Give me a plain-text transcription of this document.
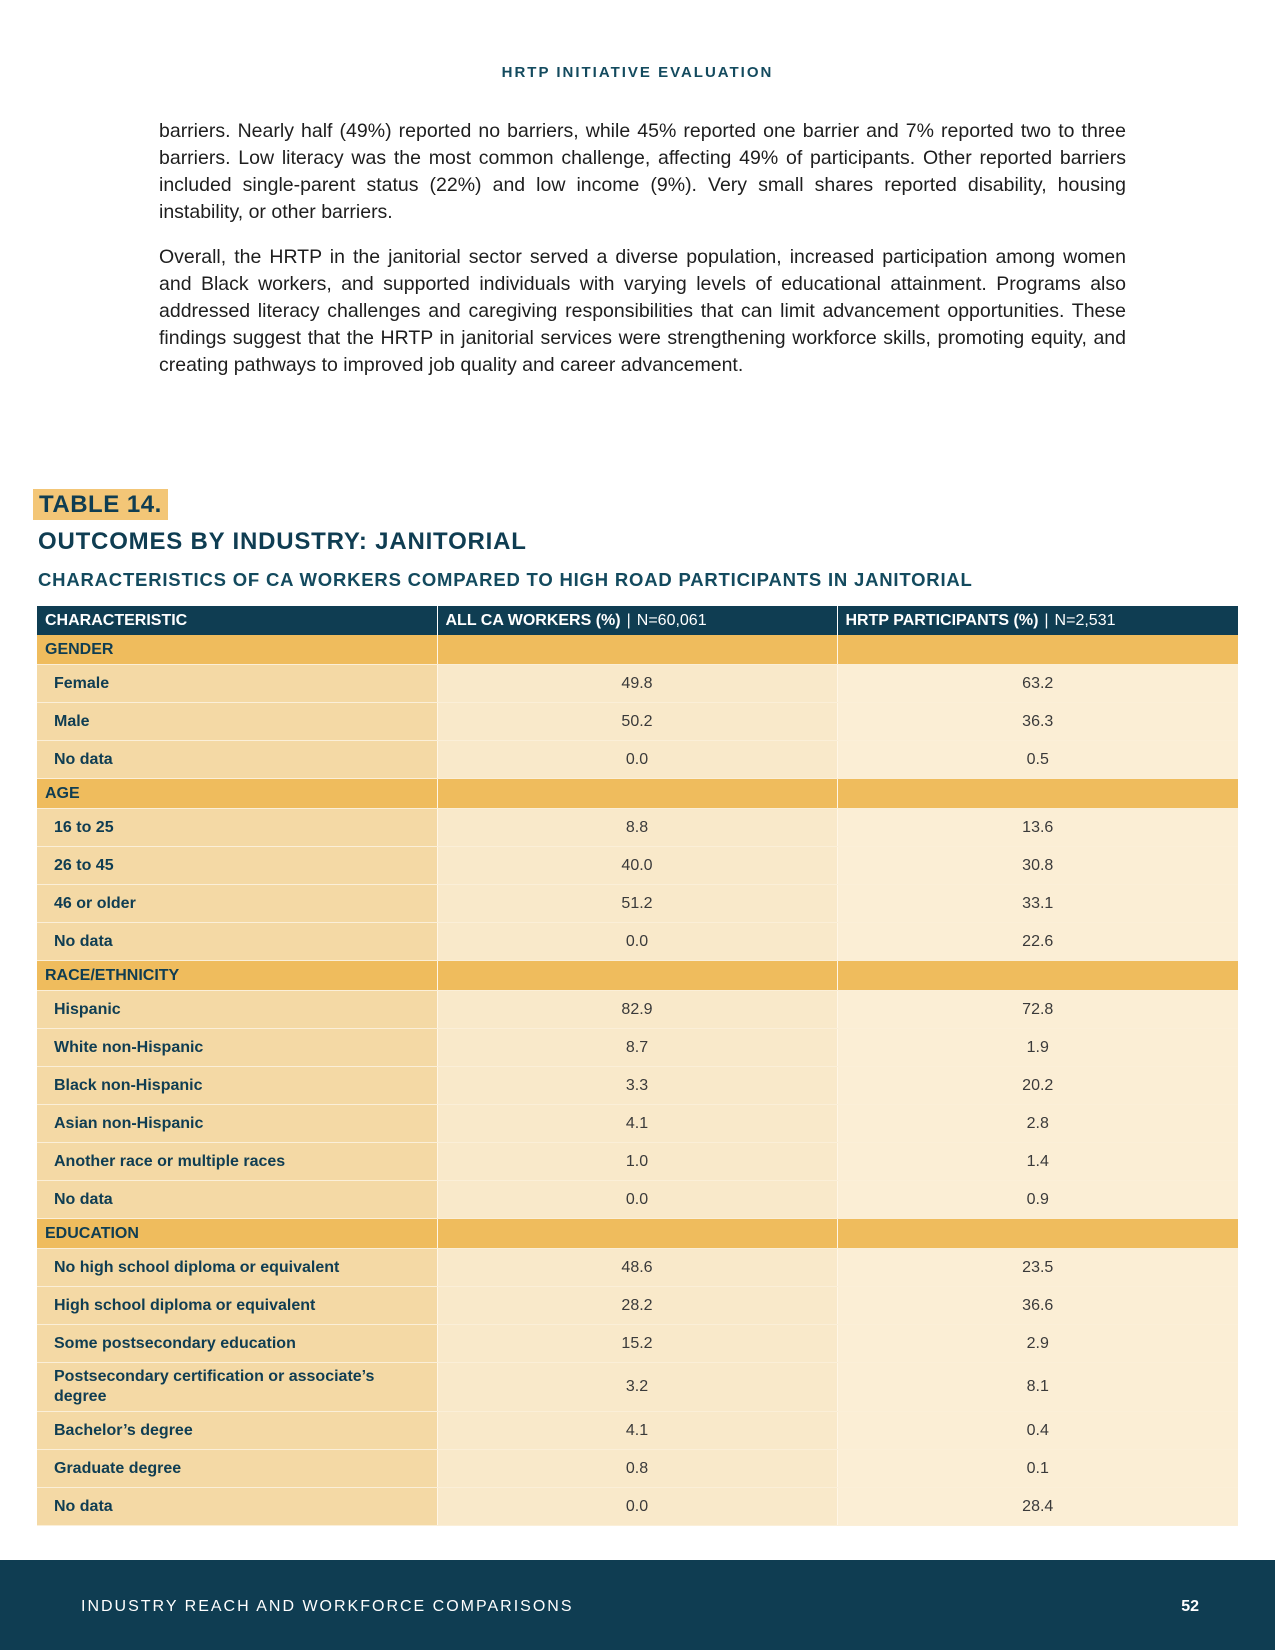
HRTP INITIATIVE EVALUATION

barriers. Nearly half (49%) reported no barriers, while 45% reported one barrier and 7% reported two to three barriers. Low literacy was the most common challenge, affecting 49% of participants. Other reported barriers included single-parent status (22%) and low income (9%). Very small shares reported disability, housing instability, or other barriers.

Overall, the HRTP in the janitorial sector served a diverse population, increased participation among women and Black workers, and supported individuals with varying levels of educational attainment. Programs also addressed literacy challenges and caregiving responsibilities that can limit advancement opportunities. These findings suggest that the HRTP in janitorial services were strengthening workforce skills, promoting equity, and creating pathways to improved job quality and career advancement.

TABLE 14.
OUTCOMES BY INDUSTRY: JANITORIAL
CHARACTERISTICS OF CA WORKERS COMPARED TO HIGH ROAD PARTICIPANTS IN JANITORIAL
CHARACTERISTIC	ALL CA WORKERS (%) | N=60,061	HRTP PARTICIPANTS (%) | N=2,531
GENDER		
Female	49.8	63.2
Male	50.2	36.3
No data	0.0	0.5
AGE		
16 to 25	8.8	13.6
26 to 45	40.0	30.8
46 or older	51.2	33.1
No data	0.0	22.6
RACE/ETHNICITY		
Hispanic	82.9	72.8
White non-Hispanic	8.7	1.9
Black non-Hispanic	3.3	20.2
Asian non-Hispanic	4.1	2.8
Another race or multiple races	1.0	1.4
No data	0.0	0.9
EDUCATION		
No high school diploma or equivalent	48.6	23.5
High school diploma or equivalent	28.2	36.6
Some postsecondary education	15.2	2.9
Postsecondary certification or associate’s degree	3.2	8.1
Bachelor’s degree	4.1	0.4
Graduate degree	0.8	0.1
No data	0.0	28.4
INDUSTRY REACH AND WORKFORCE COMPARISONS	52
